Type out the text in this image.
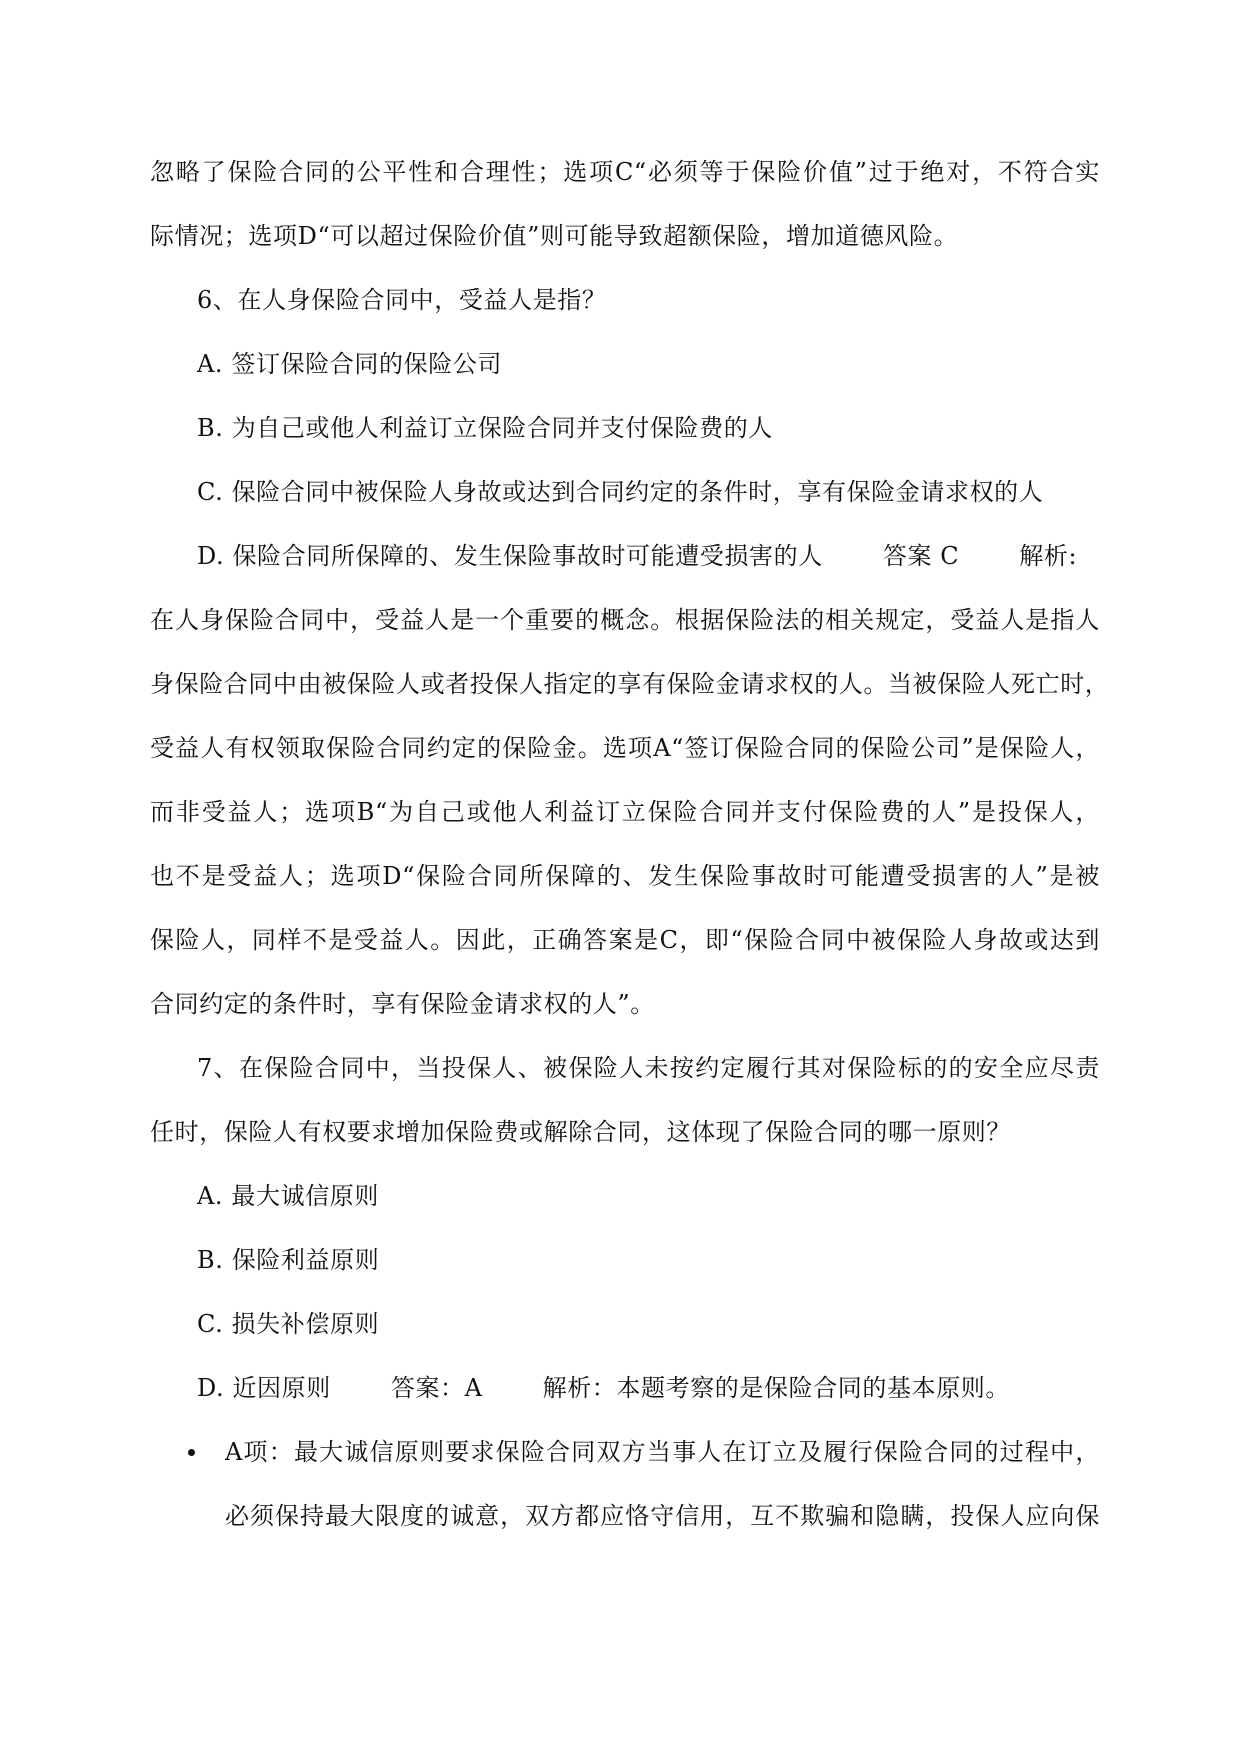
忽略了保险合同的公平性和合理性；选项C“必须等于保险价值”过于绝对，不符合实
际情况；选项D“可以超过保险价值”则可能导致超额保险，增加道德风险。
6、在人身保险合同中，受益人是指？
A. 签订保险合同的保险公司
B. 为自己或他人利益订立保险合同并支付保险费的人
C. 保险合同中被保险人身故或达到合同约定的条件时，享有保险金请求权的人
D. 保险合同所保障的、发生保险事故时可能遭受损害的人	答案 C	解析:
在人身保险合同中，受益人是一个重要的概念。根据保险法的相关规定，受益人是指人
身保险合同中由被保险人或者投保人指定的享有保险金请求权的人。当被保险人死亡时，
受益人有权领取保险合同约定的保险金。选项A“签订保险合同的保险公司”是保险人，
而非受益人；选项B“为自己或他人利益订立保险合同并支付保险费的人”是投保人，
也不是受益人；选项D“保险合同所保障的、发生保险事故时可能遭受损害的人”是被
保险人，同样不是受益人。因此，正确答案是C，即“保险合同中被保险人身故或达到
合同约定的条件时，享有保险金请求权的人”。
7、在保险合同中，当投保人、被保险人未按约定履行其对保险标的的安全应尽责
任时，保险人有权要求增加保险费或解除合同，这体现了保险合同的哪一原则？
A. 最大诚信原则
B. 保险利益原则
C. 损失补偿原则
D. 近因原则	答案：A	解析：本题考察的是保险合同的基本原则。
A项：最大诚信原则要求保险合同双方当事人在订立及履行保险合同的过程中，
必须保持最大限度的诚意，双方都应恪守信用，互不欺骗和隐瞒，投保人应向保
